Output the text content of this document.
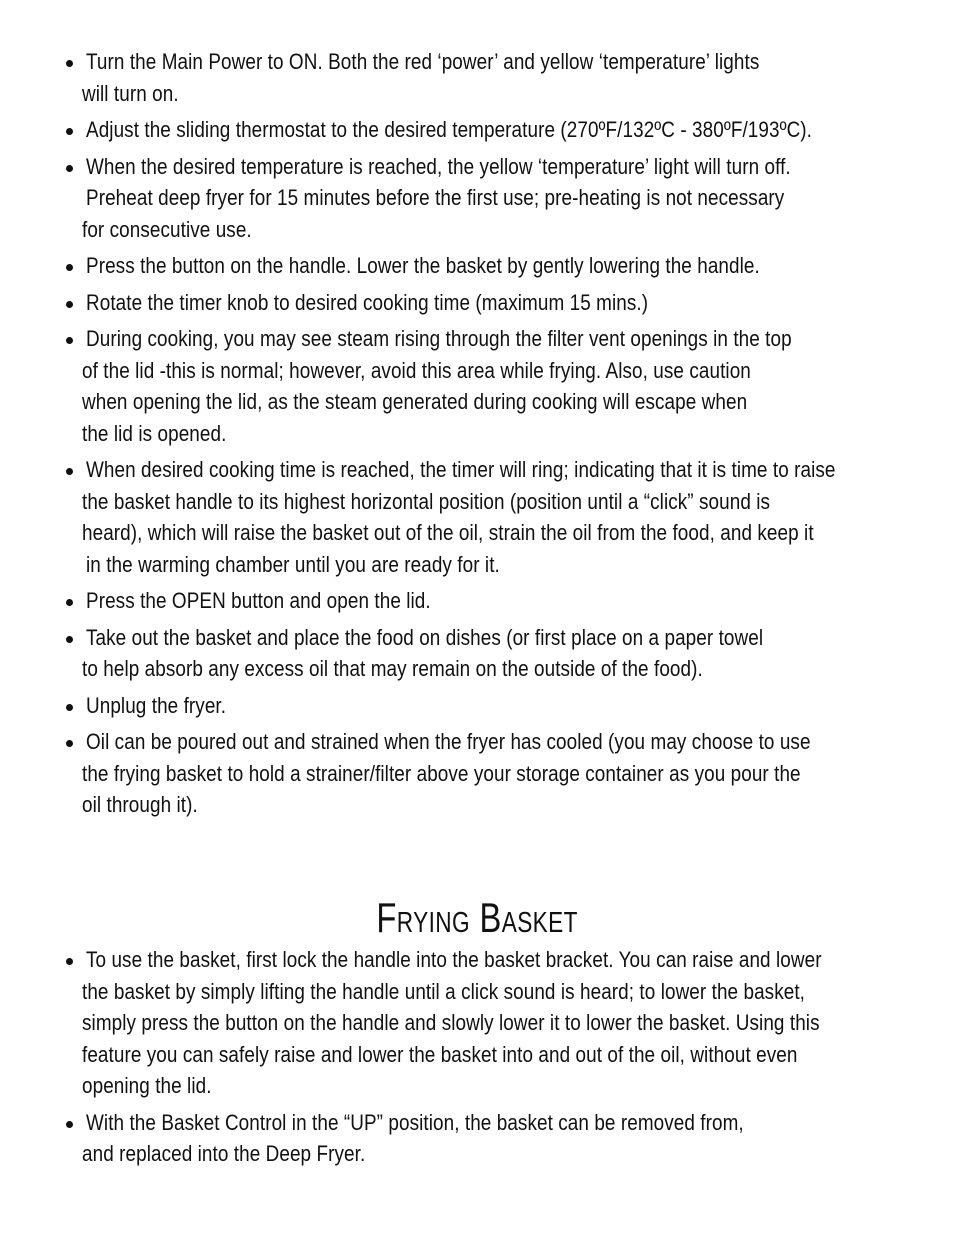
Turn the Main Power to ON. Both the red ‘power’ and yellow ‘temperature’ lights
will turn on.
Adjust the sliding thermostat to the desired temperature (270ºF/132ºC - 380ºF/193ºC).
When the desired temperature is reached, the yellow ‘temperature’ light will turn off.
Preheat deep fryer for 15 minutes before the first use; pre-heating is not necessary
for consecutive use.
Press the button on the handle. Lower the basket by gently lowering the handle.
Rotate the timer knob to desired cooking time (maximum 15 mins.)
During cooking, you may see steam rising through the filter vent openings in the top
of the lid -this is normal; however, avoid this area while frying. Also, use caution
when opening the lid, as the steam generated during cooking will escape when
the lid is opened.
When desired cooking time is reached, the timer will ring; indicating that it is time to raise
the basket handle to its highest horizontal position (position until a “click” sound is
heard), which will raise the basket out of the oil, strain the oil from the food, and keep it
in the warming chamber until you are ready for it.
Press the OPEN button and open the lid.
Take out the basket and place the food on dishes (or first place on a paper towel
to help absorb any excess oil that may remain on the outside of the food).
Unplug the fryer.
Oil can be poured out and strained when the fryer has cooled (you may choose to use
the frying basket to hold a strainer/filter above your storage container as you pour the
oil through it).
Frying Basket
To use the basket, first lock the handle into the basket bracket. You can raise and lower
the basket by simply lifting the handle until a click sound is heard; to lower the basket,
simply press the button on the handle and slowly lower it to lower the basket. Using this
feature you can safely raise and lower the basket into and out of the oil, without even
opening the lid.
With the Basket Control in the “UP” position, the basket can be removed from,
and replaced into the Deep Fryer.
